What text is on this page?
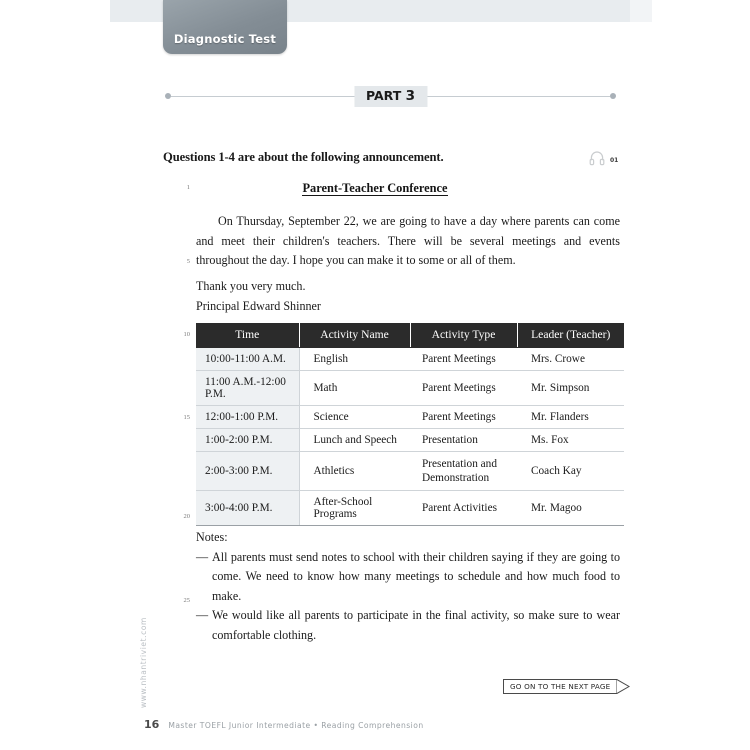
Diagnostic Test
PART 3
Questions 1-4 are about the following announcement.	01
Parent-Teacher Conference
1
5
10
15
20
25
On Thursday, September 22, we are going to have a day where parents can come and meet their children's teachers. There will be several meetings and events throughout the day. I hope you can make it to some or all of them.
Thank you very much.
Principal Edward Shinner
Time	Activity Name	Activity Type	Leader (Teacher)
10:00-11:00 A.M.	English	Parent Meetings	Mrs. Crowe
11:00 A.M.-12:00 P.M.	Math	Parent Meetings	Mr. Simpson
12:00-1:00 P.M.	Science	Parent Meetings	Mr. Flanders
1:00-2:00 P.M.	Lunch and Speech	Presentation	Ms. Fox
2:00-3:00 P.M.	Athletics	Presentation and Demonstration	Coach Kay
3:00-4:00 P.M.	After-School Programs	Parent Activities	Mr. Magoo
Notes:
— All parents must send notes to school with their children saying if they are going to come. We need to know how many meetings to schedule and how much food to make.
— We would like all parents to participate in the final activity, so make sure to wear comfortable clothing.
www.nhantriviet.com	GO ON TO THE NEXT PAGE
16 Master TOEFL Junior Intermediate • Reading Comprehension
